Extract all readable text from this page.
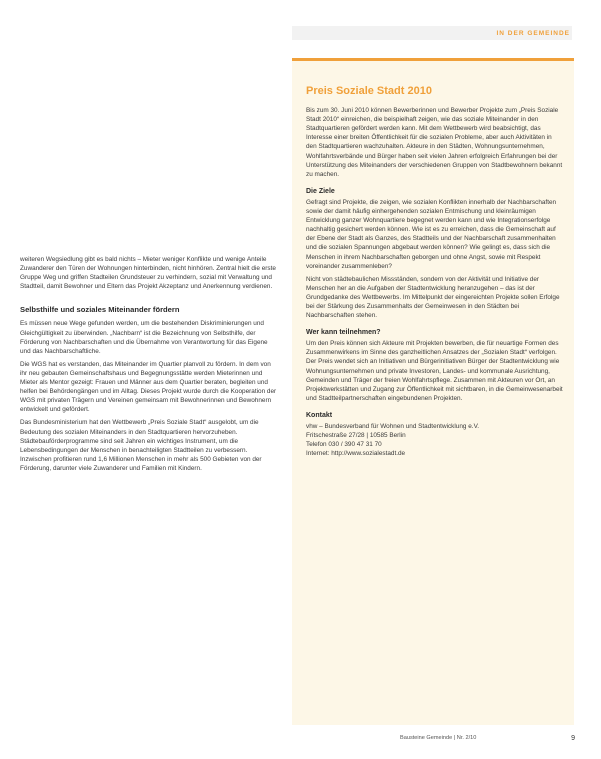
IN DER GEMEINDE

weiteren Wegsiedlung gibt es bald nichts – Mieter weniger Konflikte und wenige Anteile Zuwanderer den Türen der Wohnungen hinterbinden, nicht hinhören. Zentral hielt die erste Gruppe Weg und griffen Stadteilen Grundsteuer zu verhindern, sozial mit Verwaltung und Stadtteil, damit Bewohner und Eltern das Projekt Akzeptanz und Anerkennung verdienen.

Selbsthilfe und soziales Miteinander fördern

Es müssen neue Wege gefunden werden, um die bestehenden Diskriminierungen und Gleichgültigkeit zu überwinden. „Nachbarn“ ist die Bezeichnung von Selbsthilfe, der Förderung von Nachbarschaften und die Übernahme von Verantwortung für das Eigene und das Nachbarschaftliche.

Die WGS hat es verstanden, das Miteinander im Quartier planvoll zu fördern. In dem von ihr neu gebauten Gemeinschaftshaus und Begegnungsstätte werden Mieterinnen und Mieter als Mentor gezeigt: Frauen und Männer aus dem Quartier beraten, begleiten und helfen bei Behördengängen und im Alltag. Dieses Projekt wurde durch die Kooperation der WGS mit privaten Trägern und Vereinen gemeinsam mit Bewohnerinnen und Bewohnern entwickelt und gefördert.

Das Bundesministerium hat den Wettbewerb „Preis Soziale Stadt“ ausgelobt, um die Bedeutung des sozialen Miteinanders in den Stadtquartieren hervorzuheben. Städtebauförderprogramme sind seit Jahren ein wichtiges Instrument, um die Lebensbedingungen der Menschen in benachteiligten Stadtteilen zu verbessern. Inzwischen profitieren rund 1,6 Millionen Menschen in mehr als 500 Gebieten von der Förderung, darunter viele Zuwanderer und Familien mit Kindern.

Preis Soziale Stadt 2010

Bis zum 30. Juni 2010 können Bewerberinnen und Bewerber Projekte zum „Preis Soziale Stadt 2010“ einreichen, die beispielhaft zeigen, wie das soziale Miteinander in den Stadtquartieren gefördert werden kann. Mit dem Wettbewerb wird beabsichtigt, das Interesse einer breiten Öffentlichkeit für die sozialen Probleme, aber auch Aktivitäten in den Stadtquartieren wachzuhalten. Akteure in den Städten, Wohnungsunternehmen, Wohlfahrtsverbände und Bürger haben seit vielen Jahren erfolgreich Erfahrungen bei der Unterstützung des Miteinanders der verschiedenen Gruppen von Stadtbewohnern bekannt zu machen.

Die Ziele

Gefragt sind Projekte, die zeigen, wie sozialen Konflikten innerhalb der Nachbarschaften sowie der damit häufig einhergehenden sozialen Entmischung und kleinräumigen Entwicklung ganzer Wohnquartiere begegnet werden kann und wie Integrationserfolge nachhaltig gesichert werden können. Wie ist es zu erreichen, dass die Gemeinschaft auf der Ebene der Stadt als Ganzes, des Stadtteils und der Nachbarschaft zusammenhalten und die sozialen Spannungen abgebaut werden können? Wie gelingt es, dass sich die Menschen in ihrem Nachbarschaften geborgen und ohne Angst, sowie mit Respekt voreinander zusammenleben?

Nicht von städtebaulichen Missständen, sondern von der Aktivität und Initiative der Menschen her an die Aufgaben der Stadtentwicklung heranzugehen – das ist der Grundgedanke des Wettbewerbs. Im Mittelpunkt der eingereichten Projekte sollen Erfolge bei der Stärkung des Zusammenhalts der Gemeinwesen in den Städten bei Nachbarschaften stehen.

Wer kann teilnehmen?

Um den Preis können sich Akteure mit Projekten bewerben, die für neuartige Formen des Zusammenwirkens im Sinne des ganzheitlichen Ansatzes der „Sozialen Stadt“ verfolgen. Der Preis wendet sich an Initiativen und Bürgerinitiativen Bürger der Stadtentwicklung wie Wohnungsunternehmen und private Investoren, Landes- und kommunale Ausrichtung, Gemeinden und Träger der freien Wohlfahrtspflege. Zusammen mit Akteuren vor Ort, an Projektwerkstätten und Zugang zur Öffentlichkeit mit sichtbaren, in die Gemeinwesenarbeit und Stadtteilpartnerschaften eingebundenen Projekten.

Kontakt

vhw – Bundesverband für Wohnen und Stadtentwicklung e.V.

Fritschestraße 27/28 | 10585 Berlin

Telefon 030 / 390 47 31 70

Internet: http://www.sozialestadt.de

Bausteine Gemeinde | Nr. 2/10	9
